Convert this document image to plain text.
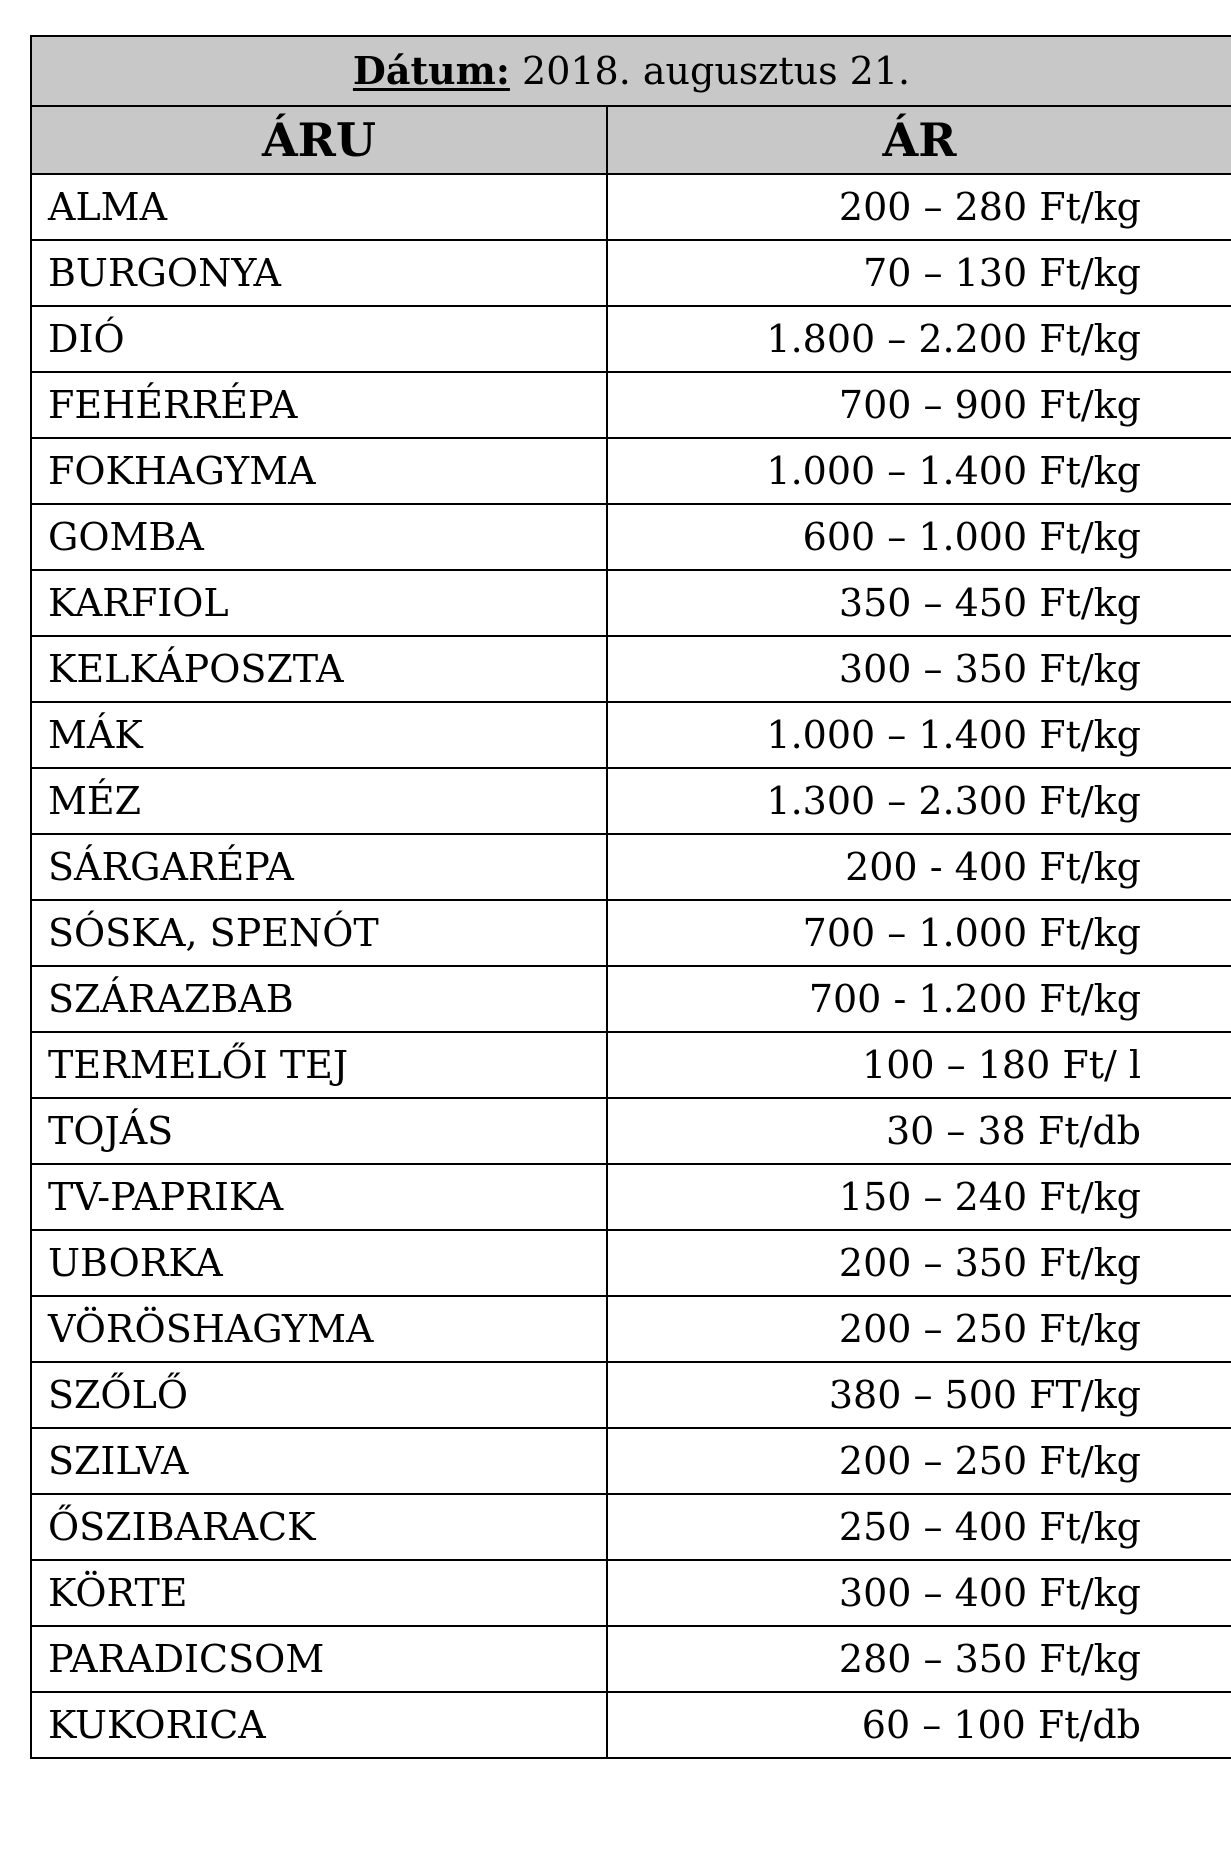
Dátum: 2018. augusztus 21.	
ÁRU	ÁR
ALMA	200 – 280 Ft/kg
BURGONYA	70 – 130 Ft/kg
DIÓ	1.800 – 2.200 Ft/kg
FEHÉRRÉPA	700 – 900 Ft/kg
FOKHAGYMA	1.000 – 1.400 Ft/kg
GOMBA	600 – 1.000 Ft/kg
KARFIOL	350 – 450 Ft/kg
KELKÁPOSZTA	300 – 350 Ft/kg
MÁK	1.000 – 1.400 Ft/kg
MÉZ	1.300 – 2.300 Ft/kg
SÁRGARÉPA	200 - 400 Ft/kg
SÓSKA, SPENÓT	700 – 1.000 Ft/kg
SZÁRAZBAB	700 - 1.200 Ft/kg
TERMELŐI TEJ	100 – 180 Ft/ l
TOJÁS	30 – 38 Ft/db
TV-PAPRIKA	150 – 240 Ft/kg
UBORKA	200 – 350 Ft/kg
VÖRÖSHAGYMA	200 – 250 Ft/kg
SZŐLŐ	380 – 500 FT/kg
SZILVA	200 – 250 Ft/kg
ŐSZIBARACK	250 – 400 Ft/kg
KÖRTE	300 – 400 Ft/kg
PARADICSOM	280 – 350 Ft/kg
KUKORICA	60 – 100 Ft/db
